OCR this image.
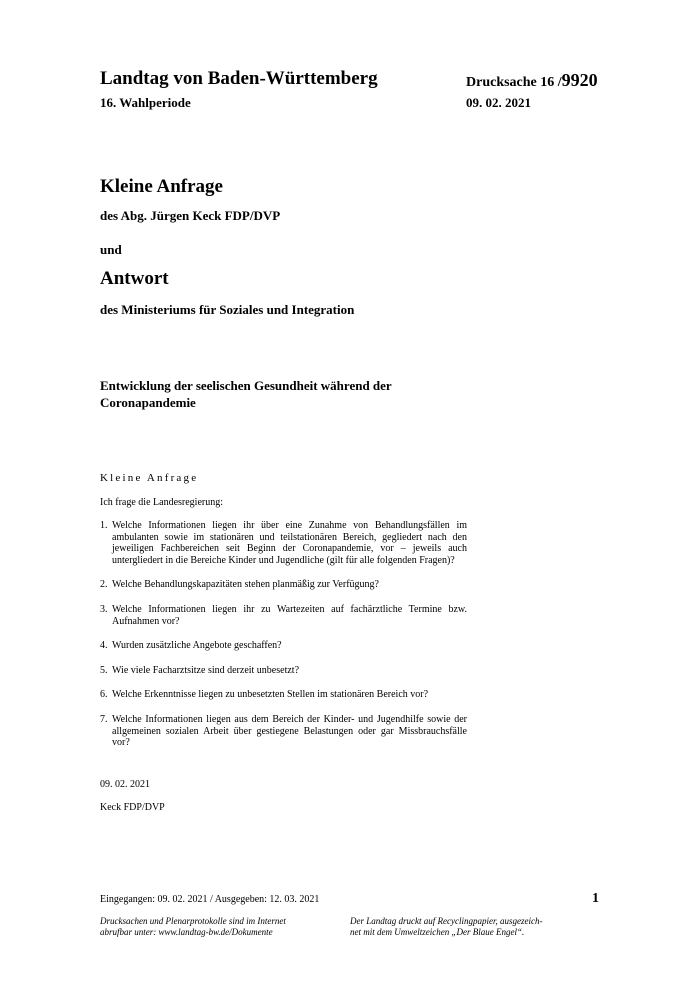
Landtag von Baden-Württemberg
16. Wahlperiode
Drucksache 16 /9920
09. 02. 2021
Kleine Anfrage
des Abg. Jürgen Keck FDP/DVP
und
Antwort
des Ministeriums für Soziales und Integration
Entwicklung der seelischen Gesundheit während der
Coronapandemie
Kleine Anfrage
Ich frage die Landesregierung:
1. Welche Informationen liegen ihr über eine Zunahme von Behandlungsfällen im ambulanten sowie im stationären und teilstationären Bereich, gegliedert nach den jeweiligen Fachbereichen seit Beginn der Coronapandemie, vor – jeweils auch untergliedert in die Bereiche Kinder und Jugendliche (gilt für alle folgenden Fragen)?
2. Welche Behandlungskapazitäten stehen planmäßig zur Verfügung?
3. Welche Informationen liegen ihr zu Wartezeiten auf fachärztliche Termine bzw. Aufnahmen vor?
4. Wurden zusätzliche Angebote geschaffen?
5. Wie viele Facharztsitze sind derzeit unbesetzt?
6. Welche Erkenntnisse liegen zu unbesetzten Stellen im stationären Bereich vor?
7. Welche Informationen liegen aus dem Bereich der Kinder- und Jugendhilfe sowie der allgemeinen sozialen Arbeit über gestiegene Belastungen oder gar Missbrauchsfälle vor?
09. 02. 2021
Keck FDP/DVP
Eingegangen: 09. 02. 2021 / Ausgegeben: 12. 03. 2021	1
Drucksachen und Plenarprotokolle sind im Internet
abrufbar unter: www.landtag-bw.de/Dokumente
Der Landtag druckt auf Recyclingpapier, ausgezeich-
net mit dem Umweltzeichen „Der Blaue Engel“.
